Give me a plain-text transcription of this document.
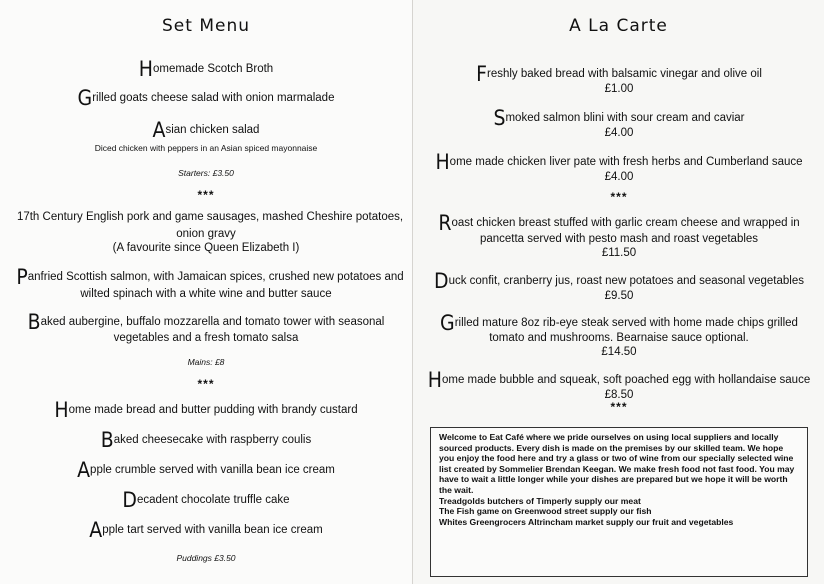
Set Menu
Homemade Scotch Broth
Grilled goats cheese salad with onion marmalade
Asian chicken salad
Diced chicken with peppers in an Asian spiced mayonnaise
Starters: £3.50
***
17th Century English pork and game sausages, mashed Cheshire potatoes,
onion gravy
(A favourite since Queen Elizabeth I)
Panfried Scottish salmon, with Jamaican spices, crushed new potatoes and
wilted spinach with a white wine and butter sauce
Baked aubergine, buffalo mozzarella and tomato tower with seasonal
vegetables and a fresh tomato salsa
Mains: £8
***
Home made bread and butter pudding with brandy custard
Baked cheesecake with raspberry coulis
Apple crumble served with vanilla bean ice cream
Decadent chocolate truffle cake
Apple tart served with vanilla bean ice cream
Puddings £3.50
A La Carte
Freshly baked bread with balsamic vinegar and olive oil
£1.00
Smoked salmon blini with sour cream and caviar
£4.00
Home made chicken liver pate with fresh herbs and Cumberland sauce
£4.00
***
Roast chicken breast stuffed with garlic cream cheese and wrapped in
pancetta served with pesto mash and roast vegetables
£11.50
Duck confit, cranberry jus, roast new potatoes and seasonal vegetables
£9.50
Grilled mature 8oz rib-eye steak served with home made chips grilled
tomato and mushrooms. Bearnaise sauce optional.
£14.50
Home made bubble and squeak, soft poached egg with hollandaise sauce
£8.50
***

Welcome to Eat Café where we pride ourselves on using local suppliers and locally sourced products. Every dish is made on the premises by our skilled team. We hope you enjoy the food here and try a glass or two of wine from our specially selected wine list created by Sommelier Brendan Keegan. We make fresh food not fast food. You may have to wait a little longer while your dishes are prepared but we hope it will be worth the wait.

Treadgolds butchers of Timperly supply our meat

The Fish game on Greenwood street supply our fish

Whites Greengrocers Altrincham market supply our fruit and vegetables
